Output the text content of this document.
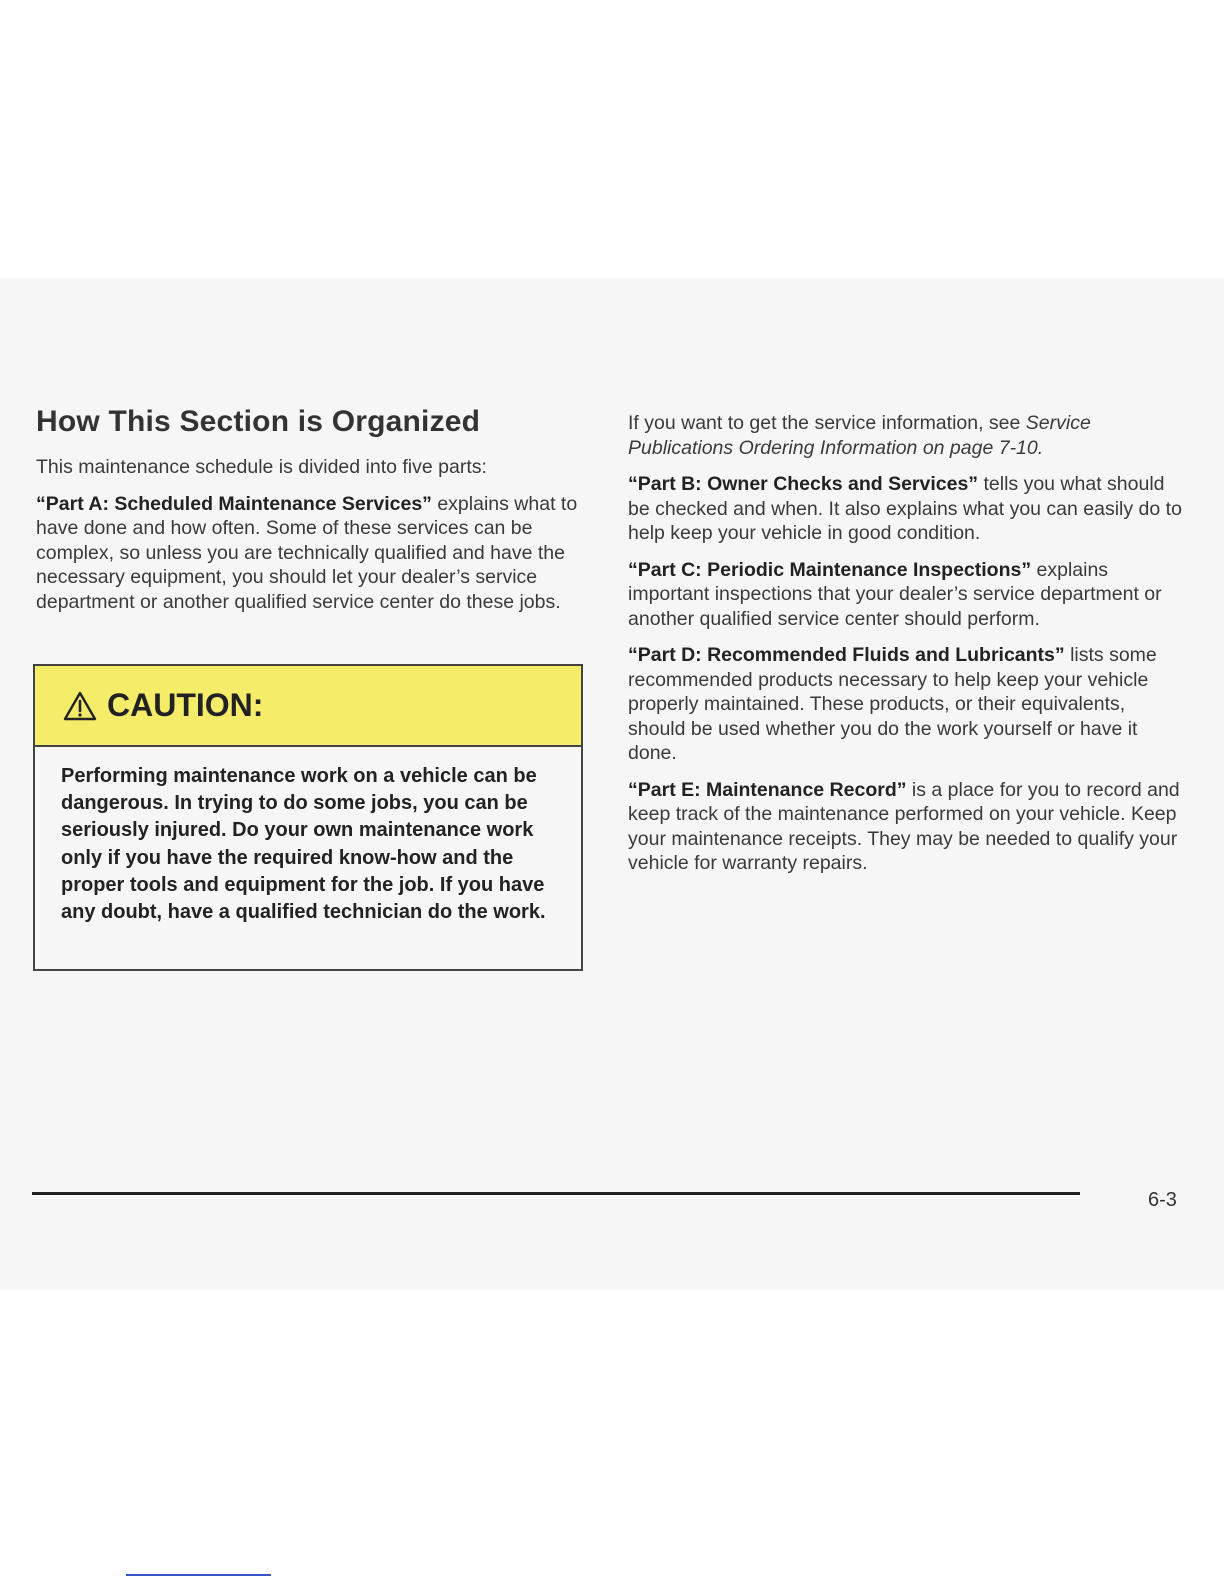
How This Section is Organized

This maintenance schedule is divided into five parts:

“Part A: Scheduled Maintenance Services” explains what to have done and how often. Some of these services can be complex, so unless you are technically qualified and have the necessary equipment, you should let your dealer’s service department or another qualified service center do these jobs.

CAUTION:
Performing maintenance work on a vehicle can be dangerous. In trying to do some jobs, you can be seriously injured. Do your own maintenance work only if you have the required know-how and the proper tools and equipment for the job. If you have any doubt, have a qualified technician do the work.

If you want to get the service information, see Service Publications Ordering Information on page 7-10.

“Part B: Owner Checks and Services” tells you what should be checked and when. It also explains what you can easily do to help keep your vehicle in good condition.

“Part C: Periodic Maintenance Inspections” explains important inspections that your dealer’s service department or another qualified service center should perform.

“Part D: Recommended Fluids and Lubricants” lists some recommended products necessary to help keep your vehicle properly maintained. These products, or their equivalents, should be used whether you do the work yourself or have it done.

“Part E: Maintenance Record” is a place for you to record and keep track of the maintenance performed on your vehicle. Keep your maintenance receipts. They may be needed to qualify your vehicle for warranty repairs.

6-3
